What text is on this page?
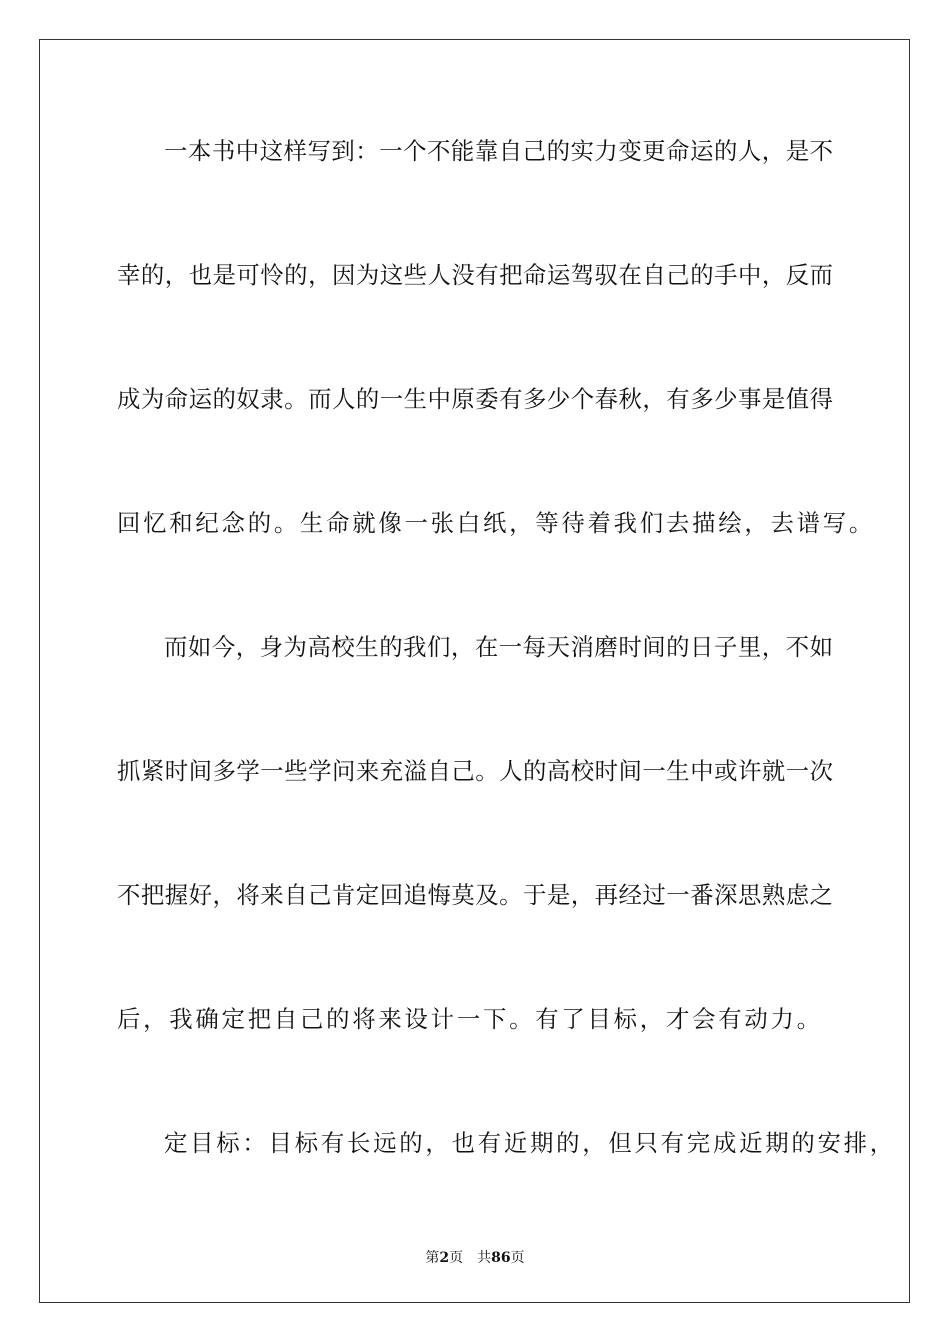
一本书中这样写到：一个不能靠自己的实力变更命运的人，是不
幸的，也是可怜的，因为这些人没有把命运驾驭在自己的手中，反而
成为命运的奴隶。而人的一生中原委有多少个春秋，有多少事是值得
回忆和纪念的。生命就像一张白纸，等待着我们去描绘，去谱写。
而如今，身为高校生的我们，在一每天消磨时间的日子里，不如
抓紧时间多学一些学问来充溢自己。人的高校时间一生中或许就一次
不把握好，将来自己肯定回追悔莫及。于是，再经过一番深思熟虑之
后，我确定把自己的将来设计一下。有了目标，才会有动力。
定目标：目标有长远的，也有近期的，但只有完成近期的安排，
第2页　共86页
